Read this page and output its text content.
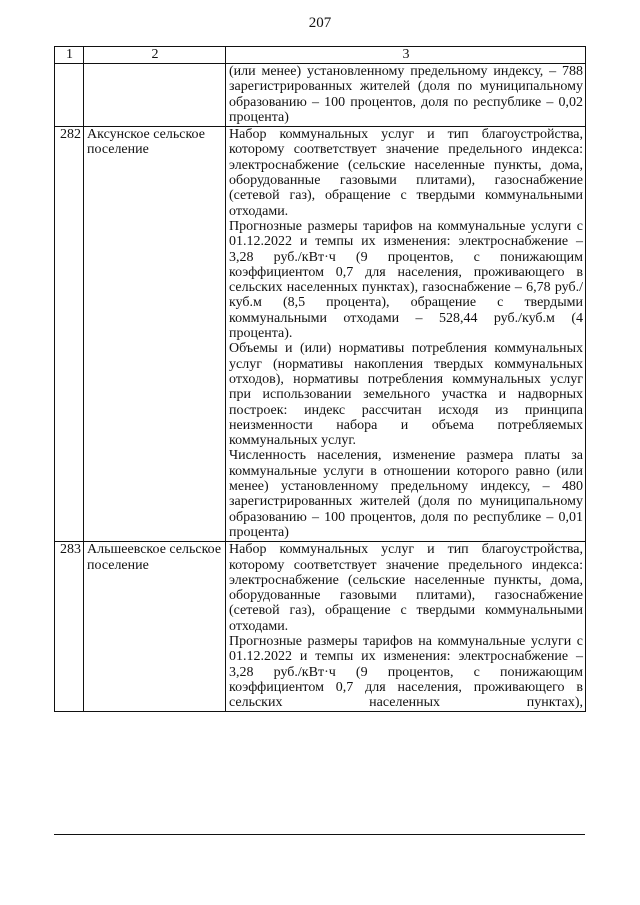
207
1	2	3

		(или менее) установленному предельному индексу, – 788 зарегистрированных жителей (доля по муниципальному образованию – 100 процентов, доля по республике – 0,02 процента)

282	Аксунское сельское поселение	Набор коммунальных услуг и тип благоустройства, которому соответствует значение предельного индекса: электроснабжение (сельские населенные пункты, дома, оборудованные газовыми плитами), газоснабжение (сетевой газ), обращение с твердыми коммунальными отходами.

Прогнозные размеры тарифов на коммунальные услуги с 01.12.2022 и темпы их изменения: электроснабжение – 3,28 руб./кВт·ч (9 процентов, с понижающим коэффициентом 0,7 для населения, проживающего в сельских населенных пунктах), газоснабжение – 6,78 руб./куб.м (8,5 процента), обращение с твердыми коммунальными отходами – 528,44 руб./куб.м (4 процента).

Объемы и (или) нормативы потребления коммунальных услуг (нормативы накопления твердых коммунальных отходов), нормативы потребления коммунальных услуг при использовании земельного участка и надворных построек: индекс рассчитан исходя из принципа неизменности набора и объема потребляемых коммунальных услуг.

Численность населения, изменение размера платы за коммунальные услуги в отношении которого равно (или менее) установленному предельному индексу, – 480 зарегистрированных жителей (доля по муниципальному образованию – 100 процентов, доля по республике – 0,01 процента)

283	Альшеевское сельское поселение	Набор коммунальных услуг и тип благоустройства, которому соответствует значение предельного индекса: электроснабжение (сельские населенные пункты, дома, оборудованные газовыми плитами), газоснабжение (сетевой газ), обращение с твердыми коммунальными отходами.

Прогнозные размеры тарифов на коммунальные услуги с 01.12.2022 и темпы их изменения: электроснабжение – 3,28 руб./кВт·ч (9 процентов, с понижающим коэффициентом 0,7 для населения, проживающего в сельских населенных пунктах),
